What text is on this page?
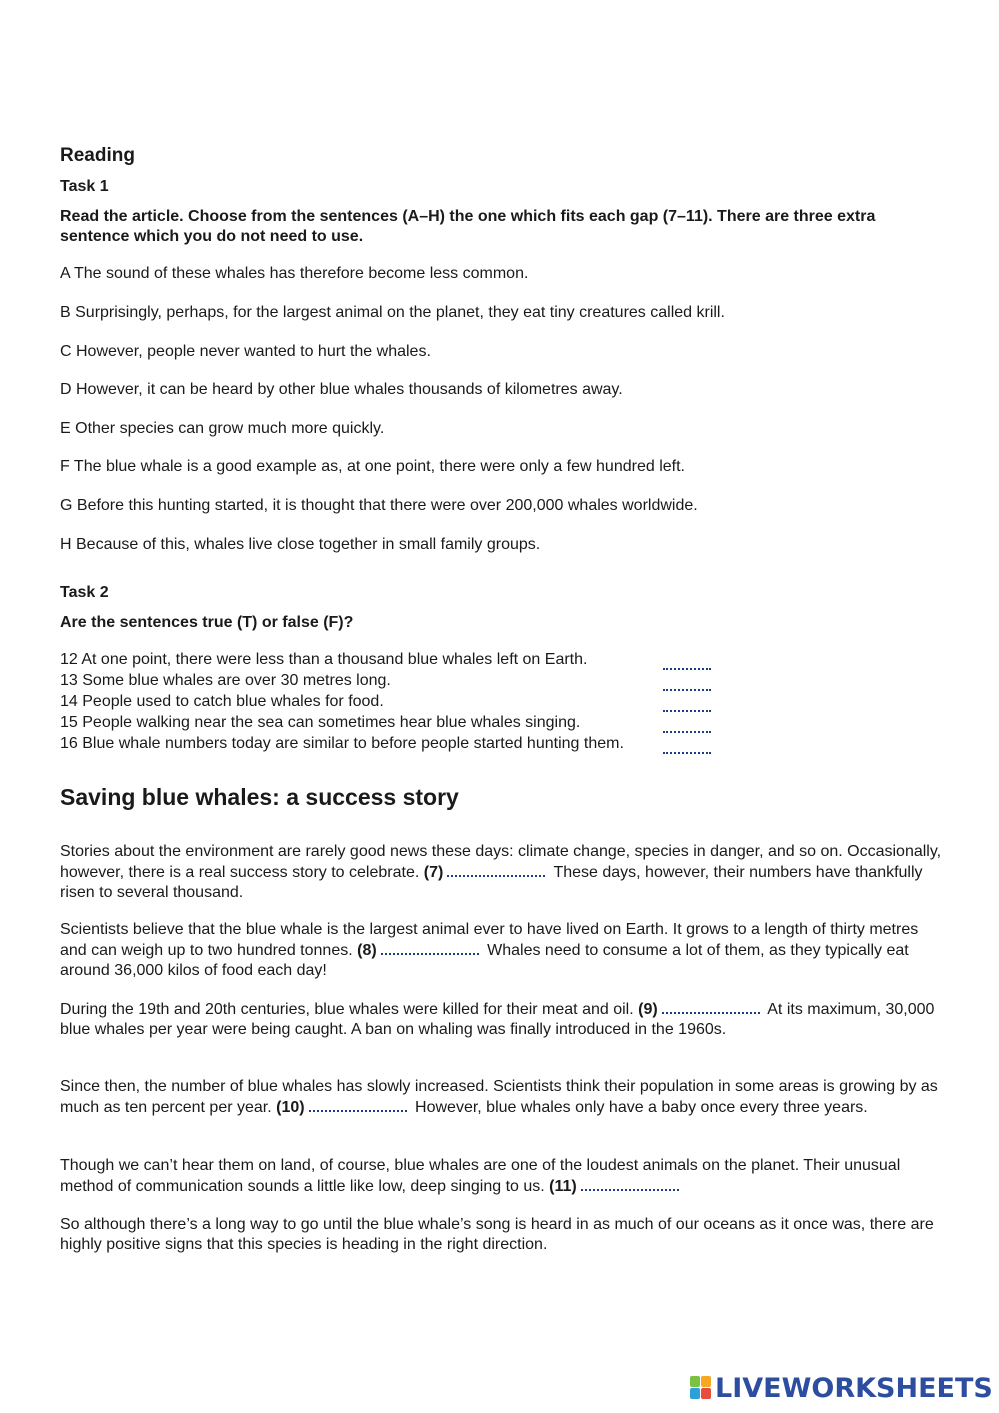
Reading
Task 1

Read the article. Choose from the sentences (A–H) the one which fits each gap (7–11). There are three extra sentence which you do not need to use.

A The sound of these whales has therefore become less common.

B Surprisingly, perhaps, for the largest animal on the planet, they eat tiny creatures called krill.

C However, people never wanted to hurt the whales.

D However, it can be heard by other blue whales thousands of kilometres away.

E Other species can grow much more quickly.

F The blue whale is a good example as, at one point, there were only a few hundred left.

G Before this hunting started, it is thought that there were over 200,000 whales worldwide.

H Because of this, whales live close together in small family groups.

Task 2

Are the sentences true (T) or false (F)?

12 At one point, there were less than a thousand blue whales left on Earth.
13 Some blue whales are over 30 metres long.
14 People used to catch blue whales for food.
15 People walking near the sea can sometimes hear blue whales singing.
16 Blue whale numbers today are similar to before people started hunting them.
Saving blue whales: a success story

Stories about the environment are rarely good news these days: climate change, species in danger, and so on. Occasionally, however, there is a real success story to celebrate. (7)	These days, however, their numbers have thankfully risen to several thousand.

Scientists believe that the blue whale is the largest animal ever to have lived on Earth. It grows to a length of thirty metres and can weigh up to two hundred tonnes. (8)	Whales need to consume a lot of them, as they typically eat around 36,000 kilos of food each day!

During the 19th and 20th centuries, blue whales were killed for their meat and oil. (9)	At its maximum, 30,000 blue whales per year were being caught. A ban on whaling was finally introduced in the 1960s.

Since then, the number of blue whales has slowly increased. Scientists think their population in some areas is growing by as much as ten percent per year. (10)	However, blue whales only have a baby once every three years.

Though we can’t hear them on land, of course, blue whales are one of the loudest animals on the planet. Their unusual method of communication sounds a little like low, deep singing to us. (11)

So although there’s a long way to go until the blue whale’s song is heard in as much of our oceans as it once was, there are highly positive signs that this species is heading in the right direction.

LIVEWORKSHEETS
